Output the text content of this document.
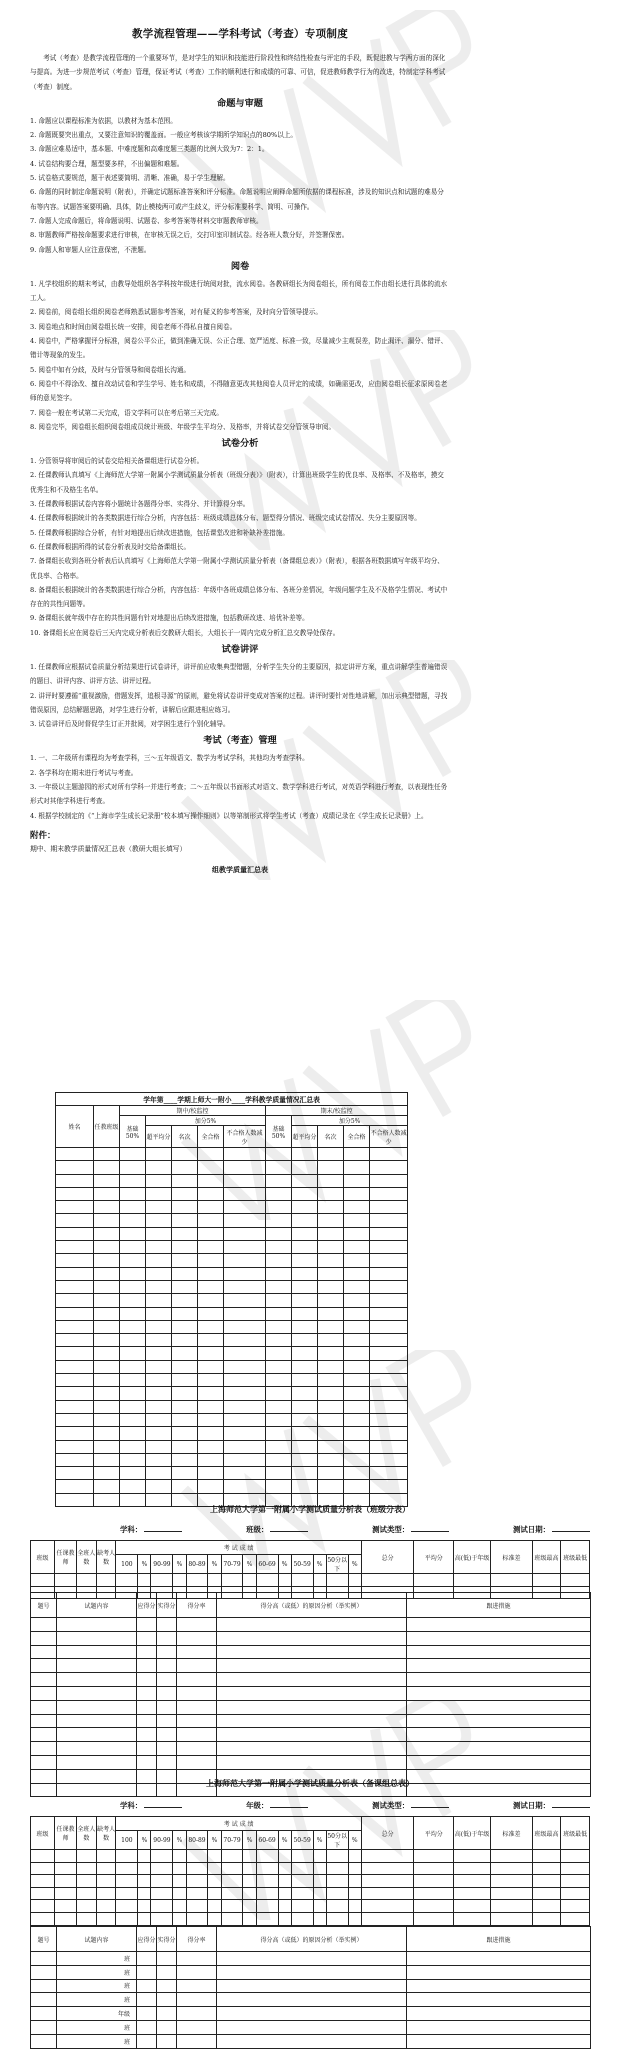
教学流程管理——学科考试（考查）专项制度

考试（考查）是教学流程管理的一个重要环节，是对学生的知识和技能进行阶段性和终结性检查与评定的手段，既促进教与学两方面的深化与提高。为进一步规范考试（考查）管理，保证考试（考查）工作的顺利进行和成绩的可靠、可信，促进教师教学行为的改进，特制定学科考试（考查）制度。

命题与审题

1. 命题应以课程标准为依据，以教材为基本范围。

2. 命题既要突出重点，又要注意知识的覆盖面。一般应考核该学期所学知识点的80%以上。

3. 命题应难易适中，基本题、中难度题和高难度题三类题的比例大致为7：2：1。

4. 试卷结构要合理，题型要多样，不出偏题和难题。

5. 试卷格式要规范，题干表述要简明、清晰、准确，易于学生理解。

6. 命题的同时制定命题说明（附表），并确定试题标准答案和评分标准。命题说明应阐释命题所依据的课程标准，涉及的知识点和试题的难易分布等内容。试题答案要明确、具体，防止模棱两可或产生歧义，评分标准要科学、简明、可操作。

7. 命题人完成命题后，将命题说明、试题卷、参考答案等材料交审题教师审核。

8. 审题教师严格按命题要求进行审核，在审核无误之后，交打印室印制试卷。经各班人数分好，并签署保密。

9. 命题人和审题人应注意保密，不泄题。

阅卷

1. 凡学校组织的期末考试，由教导处组织各学科按年级进行统阅对批，流水阅卷。各教研组长为阅卷组长，所有阅卷工作由组长进行具体的流水工人。

2. 阅卷前，阅卷组长组织阅卷老师熟悉试题参考答案，对有疑义的参考答案，及时向分管领导提示。

3. 阅卷地点和时间由阅卷组长统一安排，阅卷老师不得私自擅自阅卷。

4. 阅卷中，严格掌握评分标准，阅卷公平公正，做到准确无误、公正合理、宽严适度、标准一致，尽量减少主观误差，防止漏评、漏分、错评、错计等现象的发生。

5. 阅卷中如有分歧，及时与分管领导和阅卷组长沟通。

6. 阅卷中不得涂改、擅自改动试卷和学生学号、姓名和成绩，不得随意更改其他阅卷人员评定的成绩，如确需更改，应由阅卷组长征求原阅卷老师的意见签字。

7. 阅卷一般在考试第二天完成，语文学科可以在考后第三天完成。

8. 阅卷完毕，阅卷组长组织阅卷组成员统计班级、年级学生平均分、及格率，并将试卷交分管领导审阅。

试卷分析

1. 分管领导将审阅后的试卷交给相关备课组进行试卷分析。

2. 任课教师认真填写《上海师范大学第一附属小学测试质量分析表（班级分表）》（附表），计算出班级学生的优良率、及格率、不及格率，摸交优秀生和不及格生名单。

3. 任课教师根据试卷内容将小题统计各题得分率、实得分、并计算得分率。

4. 任课教师根据统计的各类数据进行综合分析，内容包括：班级成绩总体分布、题型得分情况、班级完成试卷情况、失分主要原因等。

5. 任课教师根据综合分析，有针对地提出后续改进措施，包括课堂改进和补缺补差措施。

6. 任课教师根据所得的试卷分析表及时交给备课组长。

7. 备课组长收到各班分析表后认真填写《上海师范大学第一附属小学测试质量分析表（备课组总表）》（附表），根据各班数据填写年级平均分、优良率、合格率。

8. 备课组长根据统计的各类数据进行综合分析，内容包括：年级中各班成绩总体分布、各班分差情况，年级问题学生及不及格学生情况、考试中存在的共性问题等。

9. 备课组长就年级中存在的共性问题有针对地提出后续改进措施，包括教研改进、培优补差等。

10. 备课组长应在阅卷后三天内完成分析表后交教研大组长，大组长于一周内完成分析汇总交教导处保存。

试卷讲评

1. 任课教师应根据试卷质量分析结果进行试卷讲评，讲评前应收集典型错题，分析学生失分的主要原因，拟定讲评方案，重点讲解学生普遍错误的题目、讲评内容、讲评方法、讲评过程。

2. 讲评时要遵循“重视激励，借题发挥，追根寻源”的原则，避免将试卷讲评变成对答案的过程。讲评时要针对性地讲解，加出示典型错题，寻找错误原因，总结解题思路，对学生进行分析，讲解后应跟进相应练习。

3. 试卷讲评后及时督促学生订正并批阅，对学困生进行个别化辅导。

考试（考查）管理

1. 一、二年级所有课程均为考查学科，三～五年级语文、数学为考试学科，其他均为考查学科。

2. 各学科均在期末进行考试与考查。

3. 一年级以主题游园的形式对所有学科一并进行考查；二～五年级以书面形式对语文、数学学科进行考试，对英语学科进行考查，以表现性任务形式对其他学科进行考查。

4. 根据学校制定的《“上海市学生成长记录册”校本填写操作细则》以等第制形式将学生考试（考查）成绩记录在《学生成长记录册》上。

附件：
期中、期末教学质量情况汇总表（教研大组长填写）
组教学质量汇总表
学年第____学期上师大一附小____学科教学质量情况汇总表											
姓名	任教班级	期中/校监控					期末/校监控				
		基础50%	加分5%				基础50%	加分5%			
			超平均分	名次	全合格	不合格人数减少		超平均分	名次	全合格	不合格人数减少

上海师范大学第一附属小学测试质量分析表（班级分表）
学科：	班级：	测试类型：	测试日期：
班级	任课教师	全班人数	缺考人数	考 试 成 绩														总分	平均分	高(低)于年级	标准差	班级最高	班级最低
				100	%	90-99	%	80-89	%	70-79	%	60-69	%	50-59	%	50分以下	%						

题号	试题内容	应得分	实得分	得分率	得分高（或低）的原因分析（举实例）	跟进措施

上海师范大学第一附属小学测试质量分析表（备课组总表）
学科：	年级：	测试类型：	测试日期：
班级	任课教师	全班人数	缺考人数	考 试 成 绩														总分	平均分	高(低)于年级	标准差	班级最高	班级最低
				100	%	90-99	%	80-89	%	70-79	%	60-69	%	50-59	%	50分以下	%						

题号	试题内容	应得分	实得分	得分率	得分高（或低）的原因分析（举实例）	跟进措施
	班					
	班					
	班					
	班					
	年级					
	班					
	班					
